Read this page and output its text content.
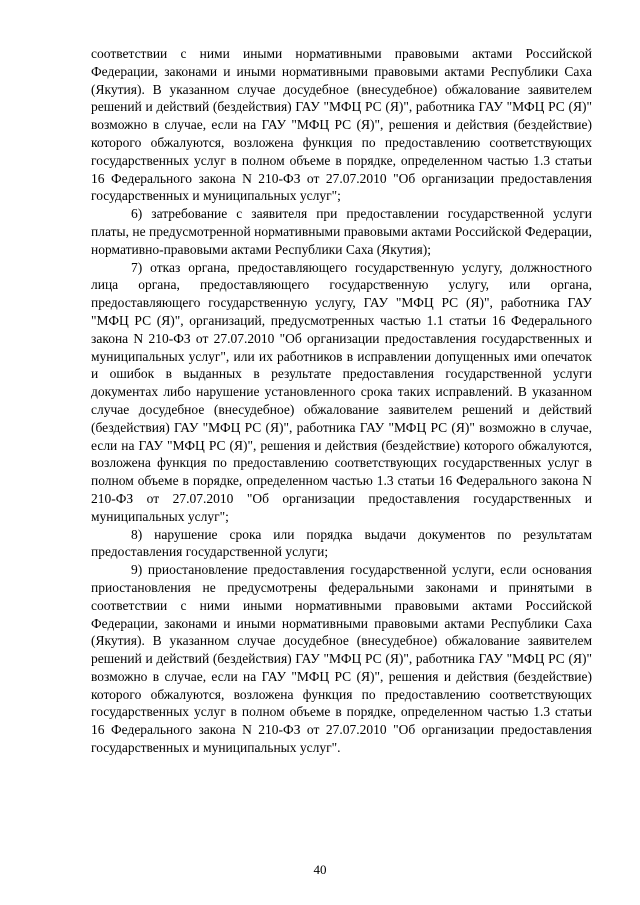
соответствии с ними иными нормативными правовыми актами Российской Федерации, законами и иными нормативными правовыми актами Республики Саха (Якутия). В указанном случае досудебное (внесудебное) обжалование заявителем решений и действий (бездействия) ГАУ "МФЦ РС (Я)", работника ГАУ "МФЦ РС (Я)" возможно в случае, если на ГАУ "МФЦ РС (Я)", решения и действия (бездействие) которого обжалуются, возложена функция по предоставлению соответствующих государственных услуг в полном объеме в порядке, определенном частью 1.3 статьи 16 Федерального закона N 210-ФЗ от 27.07.2010 "Об организации предоставления государственных и муниципальных услуг";

6) затребование с заявителя при предоставлении государственной услуги платы, не предусмотренной нормативными правовыми актами Российской Федерации, нормативно-правовыми актами Республики Саха (Якутия);

7) отказ органа, предоставляющего государственную услугу, должностного лица органа, предоставляющего государственную услугу, или органа, предоставляющего государственную услугу, ГАУ "МФЦ РС (Я)", работника ГАУ "МФЦ РС (Я)", организаций, предусмотренных частью 1.1 статьи 16 Федерального закона N 210-ФЗ от 27.07.2010 "Об организации предоставления государственных и муниципальных услуг", или их работников в исправлении допущенных ими опечаток и ошибок в выданных в результате предоставления государственной услуги документах либо нарушение установленного срока таких исправлений. В указанном случае досудебное (внесудебное) обжалование заявителем решений и действий (бездействия) ГАУ "МФЦ РС (Я)", работника ГАУ "МФЦ РС (Я)" возможно в случае, если на ГАУ "МФЦ РС (Я)", решения и действия (бездействие) которого обжалуются, возложена функция по предоставлению соответствующих государственных услуг в полном объеме в порядке, определенном частью 1.3 статьи 16 Федерального закона N 210-ФЗ от 27.07.2010 "Об организации предоставления государственных и муниципальных услуг";

8) нарушение срока или порядка выдачи документов по результатам предоставления государственной услуги;

9) приостановление предоставления государственной услуги, если основания приостановления не предусмотрены федеральными законами и принятыми в соответствии с ними иными нормативными правовыми актами Российской Федерации, законами и иными нормативными правовыми актами Республики Саха (Якутия). В указанном случае досудебное (внесудебное) обжалование заявителем решений и действий (бездействия) ГАУ "МФЦ РС (Я)", работника ГАУ "МФЦ РС (Я)" возможно в случае, если на ГАУ "МФЦ РС (Я)", решения и действия (бездействие) которого обжалуются, возложена функция по предоставлению соответствующих государственных услуг в полном объеме в порядке, определенном частью 1.3 статьи 16 Федерального закона N 210-ФЗ от 27.07.2010 "Об организации предоставления государственных и муниципальных услуг".

40
